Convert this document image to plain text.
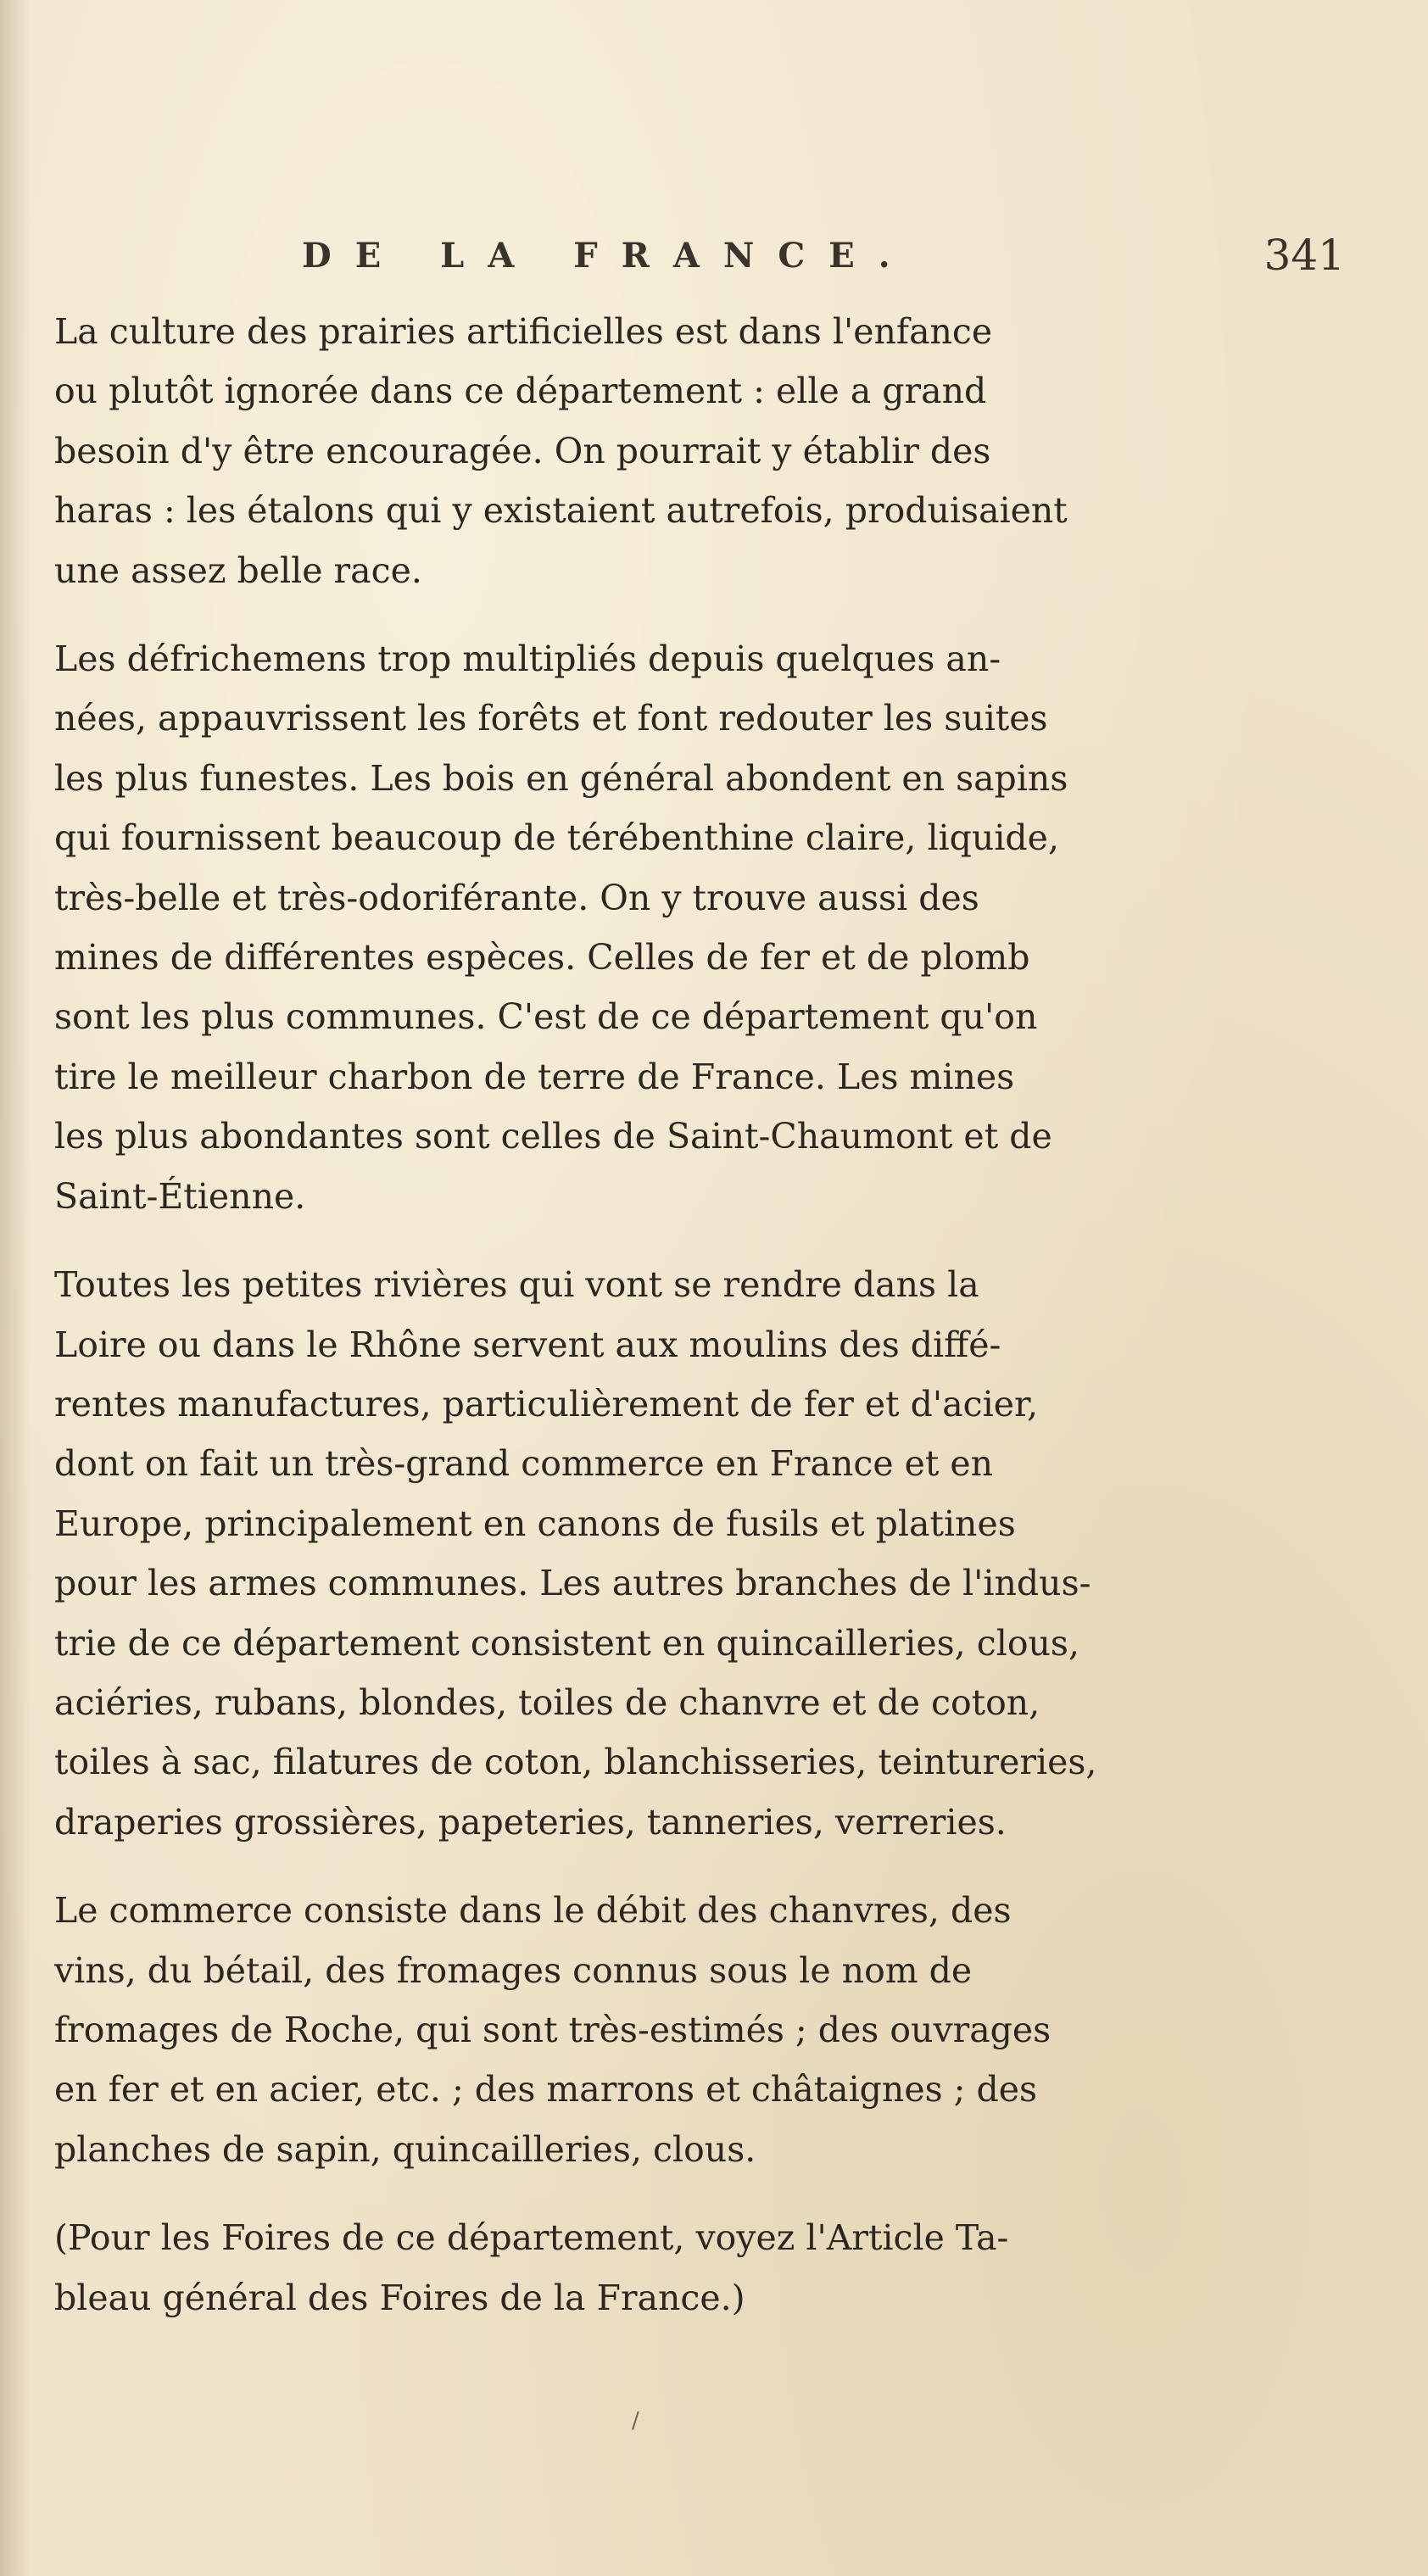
DE LA FRANCE.	341

La culture des prairies artificielles est dans l'enfance
ou plutôt ignorée dans ce département : elle a grand
besoin d'y être encouragée. On pourrait y établir des
haras : les étalons qui y existaient autrefois, produisaient
une assez belle race.

Les défrichemens trop multipliés depuis quelques an-
nées, appauvrissent les forêts et font redouter les suites
les plus funestes. Les bois en général abondent en sapins
qui fournissent beaucoup de térébenthine claire, liquide,
très-belle et très-odoriférante. On y trouve aussi des
mines de différentes espèces. Celles de fer et de plomb
sont les plus communes. C'est de ce département qu'on
tire le meilleur charbon de terre de France. Les mines
les plus abondantes sont celles de Saint-Chaumont et de
Saint-Étienne.

Toutes les petites rivières qui vont se rendre dans la
Loire ou dans le Rhône servent aux moulins des diffé-
rentes manufactures, particulièrement de fer et d'acier,
dont on fait un très-grand commerce en France et en
Europe, principalement en canons de fusils et platines
pour les armes communes. Les autres branches de l'indus-
trie de ce département consistent en quincailleries, clous,
aciéries, rubans, blondes, toiles de chanvre et de coton,
toiles à sac, filatures de coton, blanchisseries, teintureries,
draperies grossières, papeteries, tanneries, verreries.

Le commerce consiste dans le débit des chanvres, des
vins, du bétail, des fromages connus sous le nom de
fromages de Roche, qui sont très-estimés ; des ouvrages
en fer et en acier, etc. ; des marrons et châtaignes ; des
planches de sapin, quincailleries, clous.

(Pour les Foires de ce département, voyez l'Article Ta-
bleau général des Foires de la France.)

/
